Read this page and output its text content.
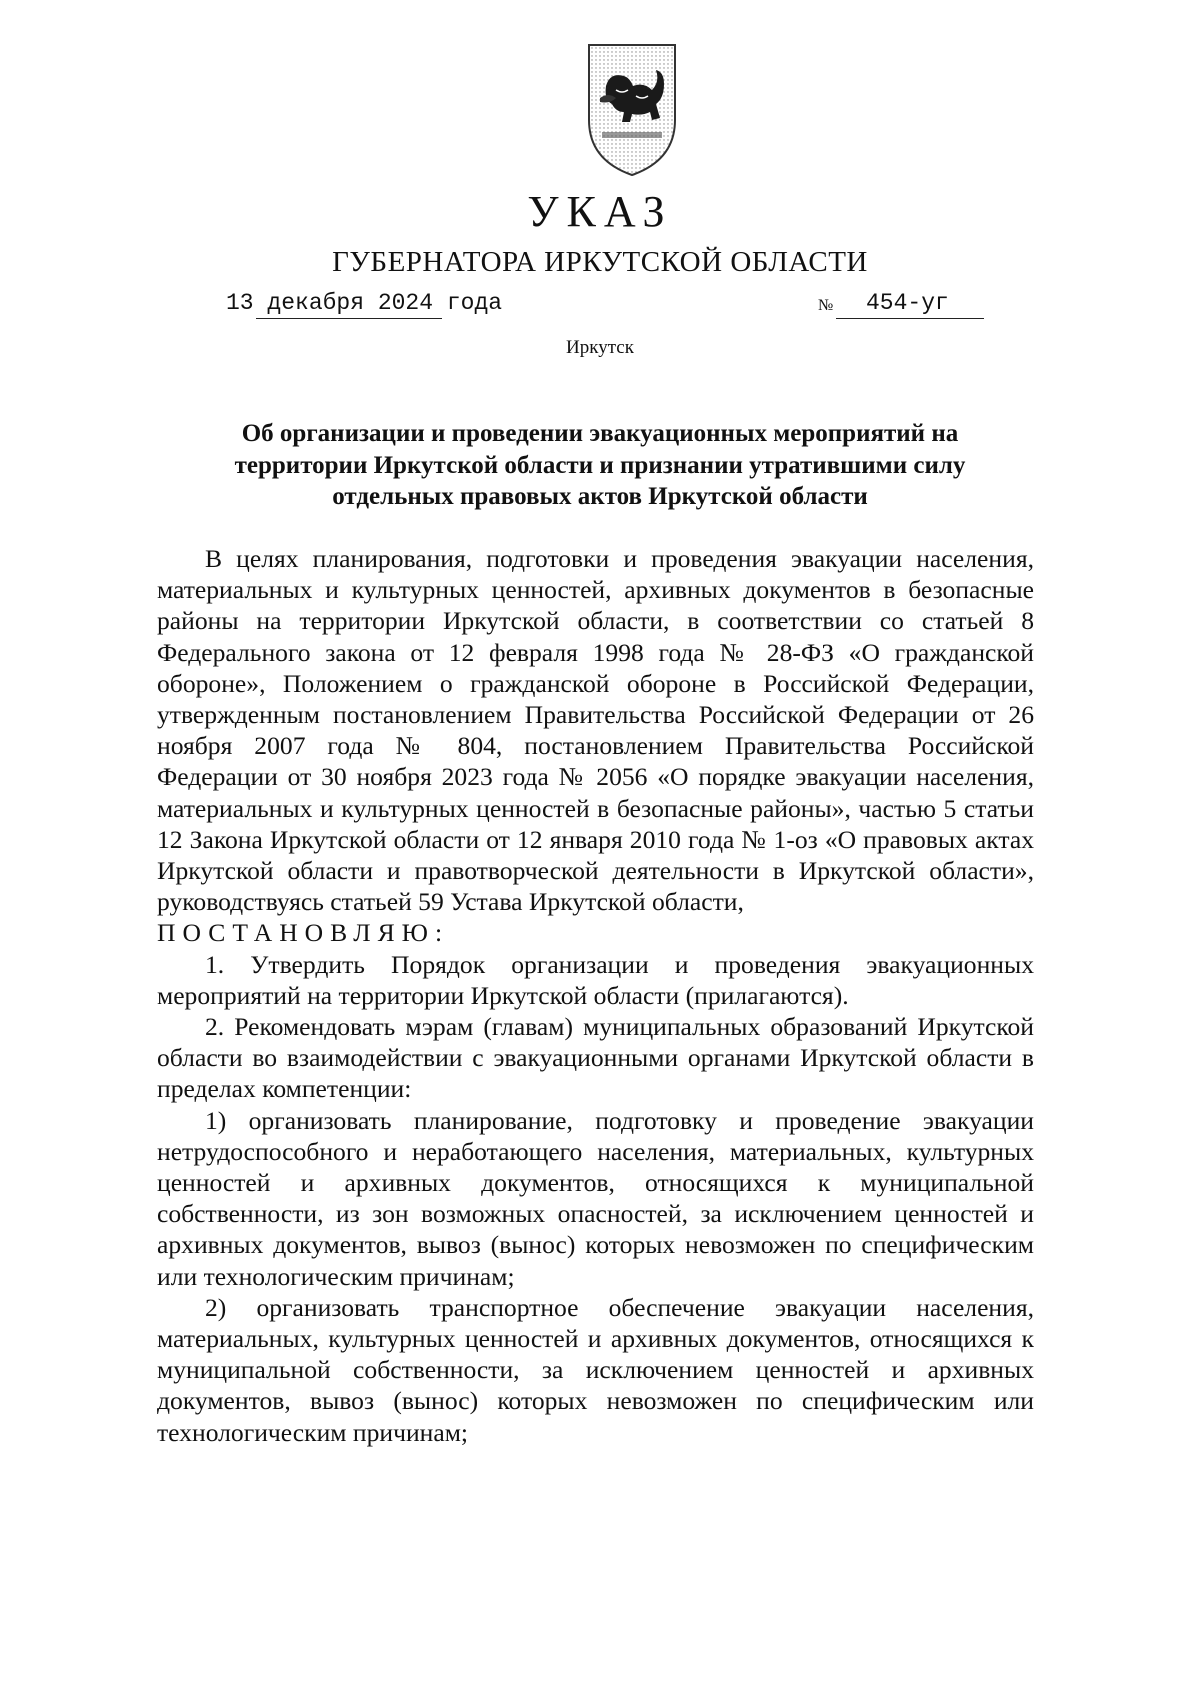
УКАЗ
ГУБЕРНАТОРА ИРКУТСКОЙ ОБЛАСТИ
13 декабря 2024 года	№ 454-уг
Иркутск
Об организации и проведении эвакуационных мероприятий на
территории Иркутской области и признании утратившими силу
отдельных правовых актов Иркутской области

В целях планирования, подготовки и проведения эвакуации населения, материальных и культурных ценностей, архивных документов в безопасные районы на территории Иркутской области, в соответствии со статьей 8 Федерального закона от 12 февраля 1998 года № 28-ФЗ «О гражданской обороне», Положением о гражданской обороне в Российской Федерации, утвержденным постановлением Правительства Российской Федерации от 26 ноября 2007 года № 804, постановлением Правительства Российской Федерации от 30 ноября 2023 года № 2056 «О порядке эвакуации населения, материальных и культурных ценностей в безопасные районы», частью 5 статьи 12 Закона Иркутской области от 12 января 2010 года № 1-оз «О правовых актах Иркутской области и правотворческой деятельности в Иркутской области», руководствуясь статьей 59 Устава Иркутской области,

ПОСТАНОВЛЯЮ:

1. Утвердить Порядок организации и проведения эвакуационных мероприятий на территории Иркутской области (прилагаются).

2. Рекомендовать мэрам (главам) муниципальных образований Иркутской области во взаимодействии с эвакуационными органами Иркутской области в пределах компетенции:

1) организовать планирование, подготовку и проведение эвакуации нетрудоспособного и неработающего населения, материальных, культурных ценностей и архивных документов, относящихся к муниципальной собственности, из зон возможных опасностей, за исключением ценностей и архивных документов, вывоз (вынос) которых невозможен по специфическим или технологическим причинам;

2) организовать транспортное обеспечение эвакуации населения, материальных, культурных ценностей и архивных документов, относящихся к муниципальной собственности, за исключением ценностей и архивных документов, вывоз (вынос) которых невозможен по специфическим или технологическим причинам;
